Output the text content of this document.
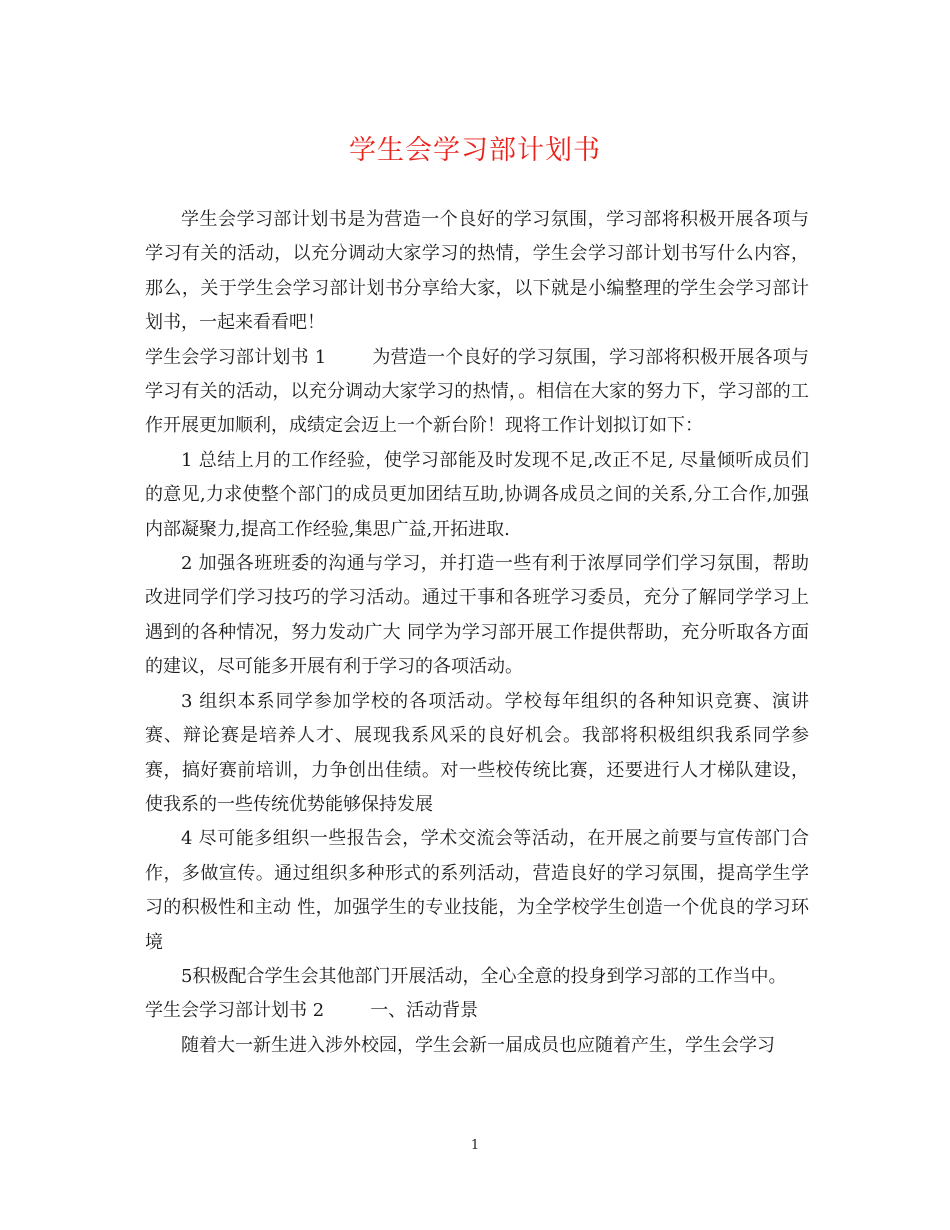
学生会学习部计划书

学生会学习部计划书是为营造一个良好的学习氛围，学习部将积极开展各项与学习有关的活动，以充分调动大家学习的热情，学生会学习部计划书写什么内容，那么，关于学生会学习部计划书分享给大家，以下就是小编整理的学生会学习部计划书，一起来看看吧！

学生会学习部计划书 1	为营造一个良好的学习氛围，学习部将积极开展各项与学习有关的活动，以充分调动大家学习的热情，。相信在大家的努力下，学习部的工作开展更加顺利，成绩定会迈上一个新台阶！现将工作计划拟订如下：

1 总结上月的工作经验，使学习部能及时发现不足,改正不足, 尽量倾听成员们的意见,力求使整个部门的成员更加团结互助,协调各成员之间的关系,分工合作,加强内部凝聚力,提高工作经验,集思广益,开拓进取.

2 加强各班班委的沟通与学习，并打造一些有利于浓厚同学们学习氛围，帮助改进同学们学习技巧的学习活动。通过干事和各班学习委员，充分了解同学学习上遇到的各种情况，努力发动广大 同学为学习部开展工作提供帮助，充分听取各方面的建议，尽可能多开展有利于学习的各项活动。

3 组织本系同学参加学校的各项活动。学校每年组织的各种知识竞赛、演讲赛、辩论赛是培养人才、展现我系风采的良好机会。我部将积极组织我系同学参赛，搞好赛前培训，力争创出佳绩。对一些校传统比赛，还要进行人才梯队建设，使我系的一些传统优势能够保持发展

4 尽可能多组织一些报告会，学术交流会等活动，在开展之前要与宣传部门合作，多做宣传。通过组织多种形式的系列活动，营造良好的学习氛围，提高学生学习的积极性和主动 性，加强学生的专业技能，为全学校学生创造一个优良的学习环境

5积极配合学生会其他部门开展活动，全心全意的投身到学习部的工作当中。

学生会学习部计划书 2	一、活动背景

随着大一新生进入涉外校园，学生会新一届成员也应随着产生，学生会学习

1
